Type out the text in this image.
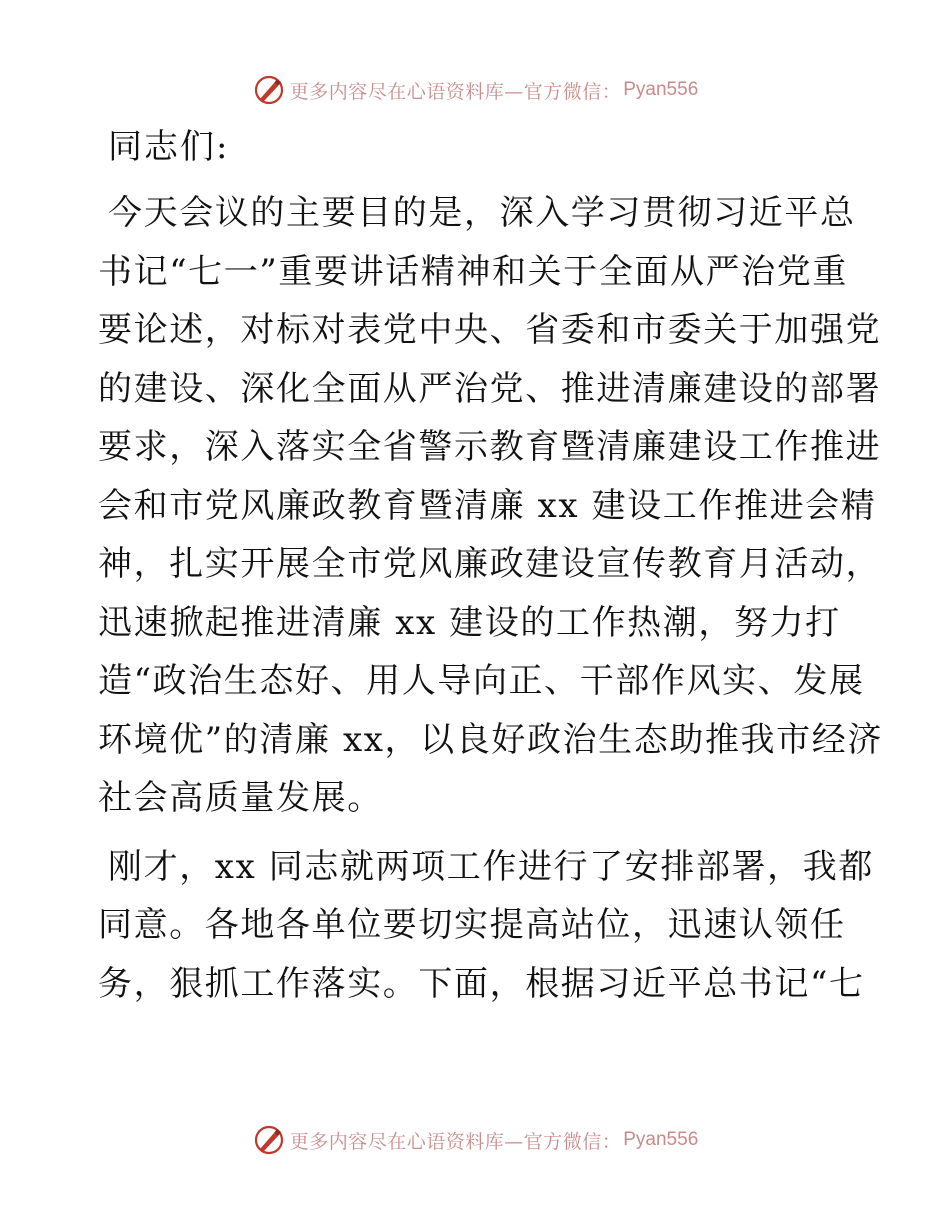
更多内容尽在心语资料库—官方微信： Pyan556
同志们:
今天会议的主要目的是，深入学习贯彻习近平总
书记“七一”重要讲话精神和关于全面从严治党重
要论述，对标对表党中央、省委和市委关于加强党
的建设、深化全面从严治党、推进清廉建设的部署
要求，深入落实全省警示教育暨清廉建设工作推进
会和市党风廉政教育暨清廉 xx 建设工作推进会精
神，扎实开展全市党风廉政建设宣传教育月活动，
迅速掀起推进清廉 xx 建设的工作热潮，努力打
造“政治生态好、用人导向正、干部作风实、发展
环境优”的清廉 xx，以良好政治生态助推我市经济
社会高质量发展。
刚才，xx 同志就两项工作进行了安排部署，我都
同意。各地各单位要切实提高站位，迅速认领任
务，狠抓工作落实。下面，根据习近平总书记“七
更多内容尽在心语资料库—官方微信： Pyan556
